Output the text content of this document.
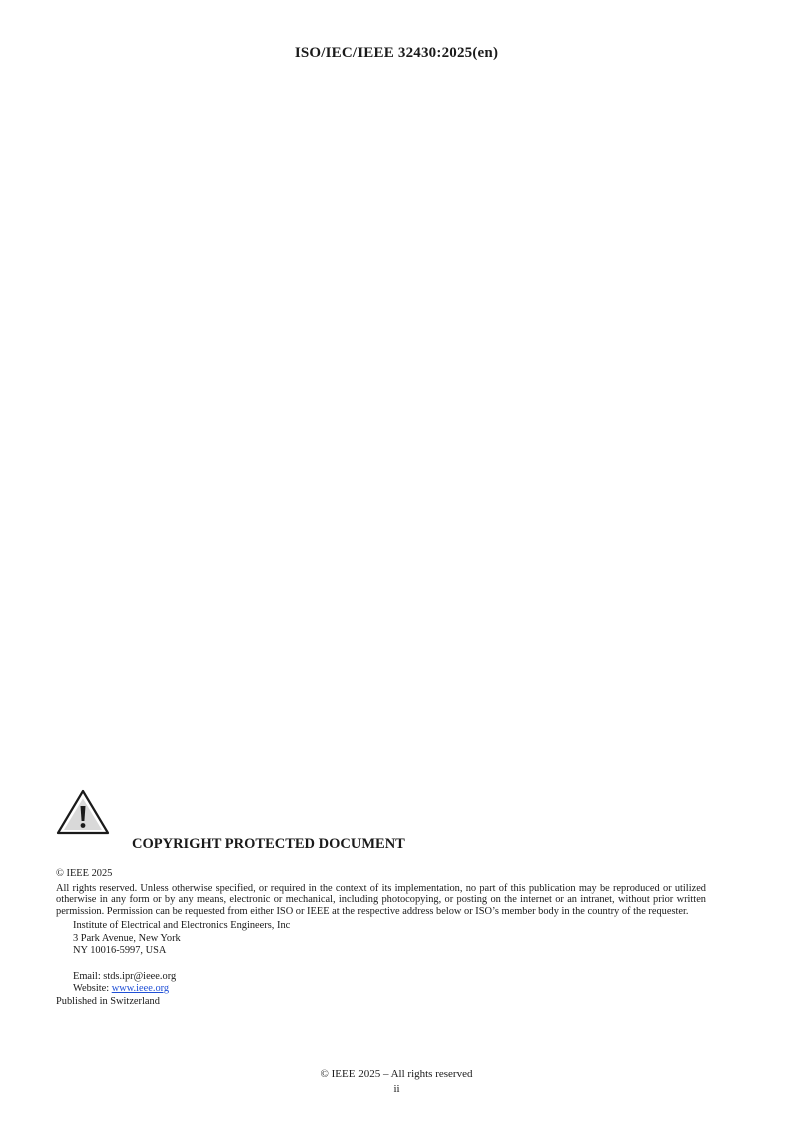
ISO/IEC/IEEE 32430:2025(en)
COPYRIGHT PROTECTED DOCUMENT
© IEEE 2025
All rights reserved. Unless otherwise specified, or required in the context of its implementation, no part of this publication may be reproduced or utilized otherwise in any form or by any means, electronic or mechanical, including photocopying, or posting on the internet or an intranet, without prior written permission. Permission can be requested from either ISO or IEEE at the respective address below or ISO’s member body in the country of the requester.
Institute of Electrical and Electronics Engineers, Inc
3 Park Avenue, New York
NY 10016-5997, USA
Email: stds.ipr@ieee.org
Website: www.ieee.org
Published in Switzerland
© IEEE 2025 – All rights reserved
ii
